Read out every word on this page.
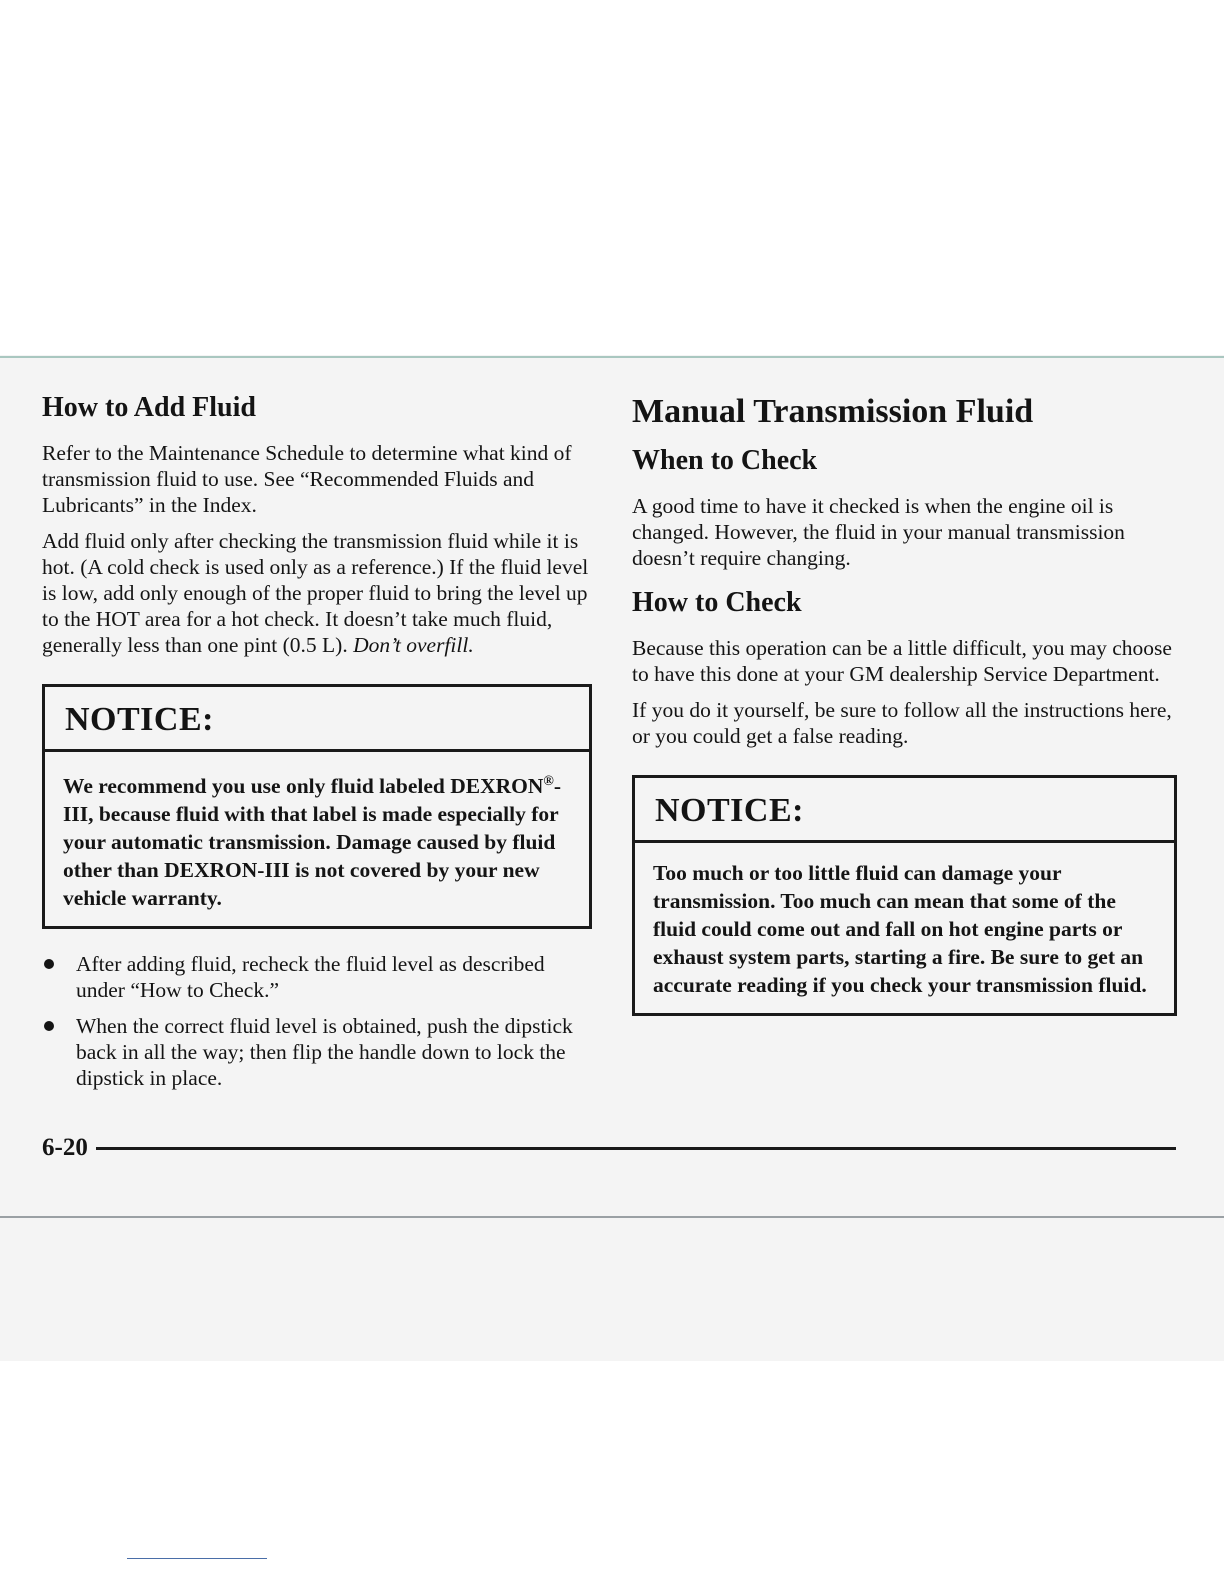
How to Add Fluid

Refer to the Maintenance Schedule to determine what kind of transmission fluid to use. See “Recommended Fluids and Lubricants” in the Index.

Add fluid only after checking the transmission fluid while it is hot. (A cold check is used only as a reference.) If the fluid level is low, add only enough of the proper fluid to bring the level up to the HOT area for a hot check. It doesn’t take much fluid, generally less than one pint (0.5 L). Don’t overfill.

NOTICE:
We recommend you use only fluid labeled DEXRON®-III, because fluid with that label is made especially for your automatic transmission. Damage caused by fluid other than DEXRON-III is not covered by your new vehicle warranty.
After adding fluid, recheck the fluid level as described under “How to Check.”
When the correct fluid level is obtained, push the dipstick back in all the way; then flip the handle down to lock the dipstick in place.
Manual Transmission Fluid
When to Check

A good time to have it checked is when the engine oil is changed. However, the fluid in your manual transmission doesn’t require changing.

How to Check

Because this operation can be a little difficult, you may choose to have this done at your GM dealership Service Department.

If you do it yourself, be sure to follow all the instructions here, or you could get a false reading.

NOTICE:
Too much or too little fluid can damage your transmission. Too much can mean that some of the fluid could come out and fall on hot engine parts or exhaust system parts, starting a fire. Be sure to get an accurate reading if you check your transmission fluid.
6-20
